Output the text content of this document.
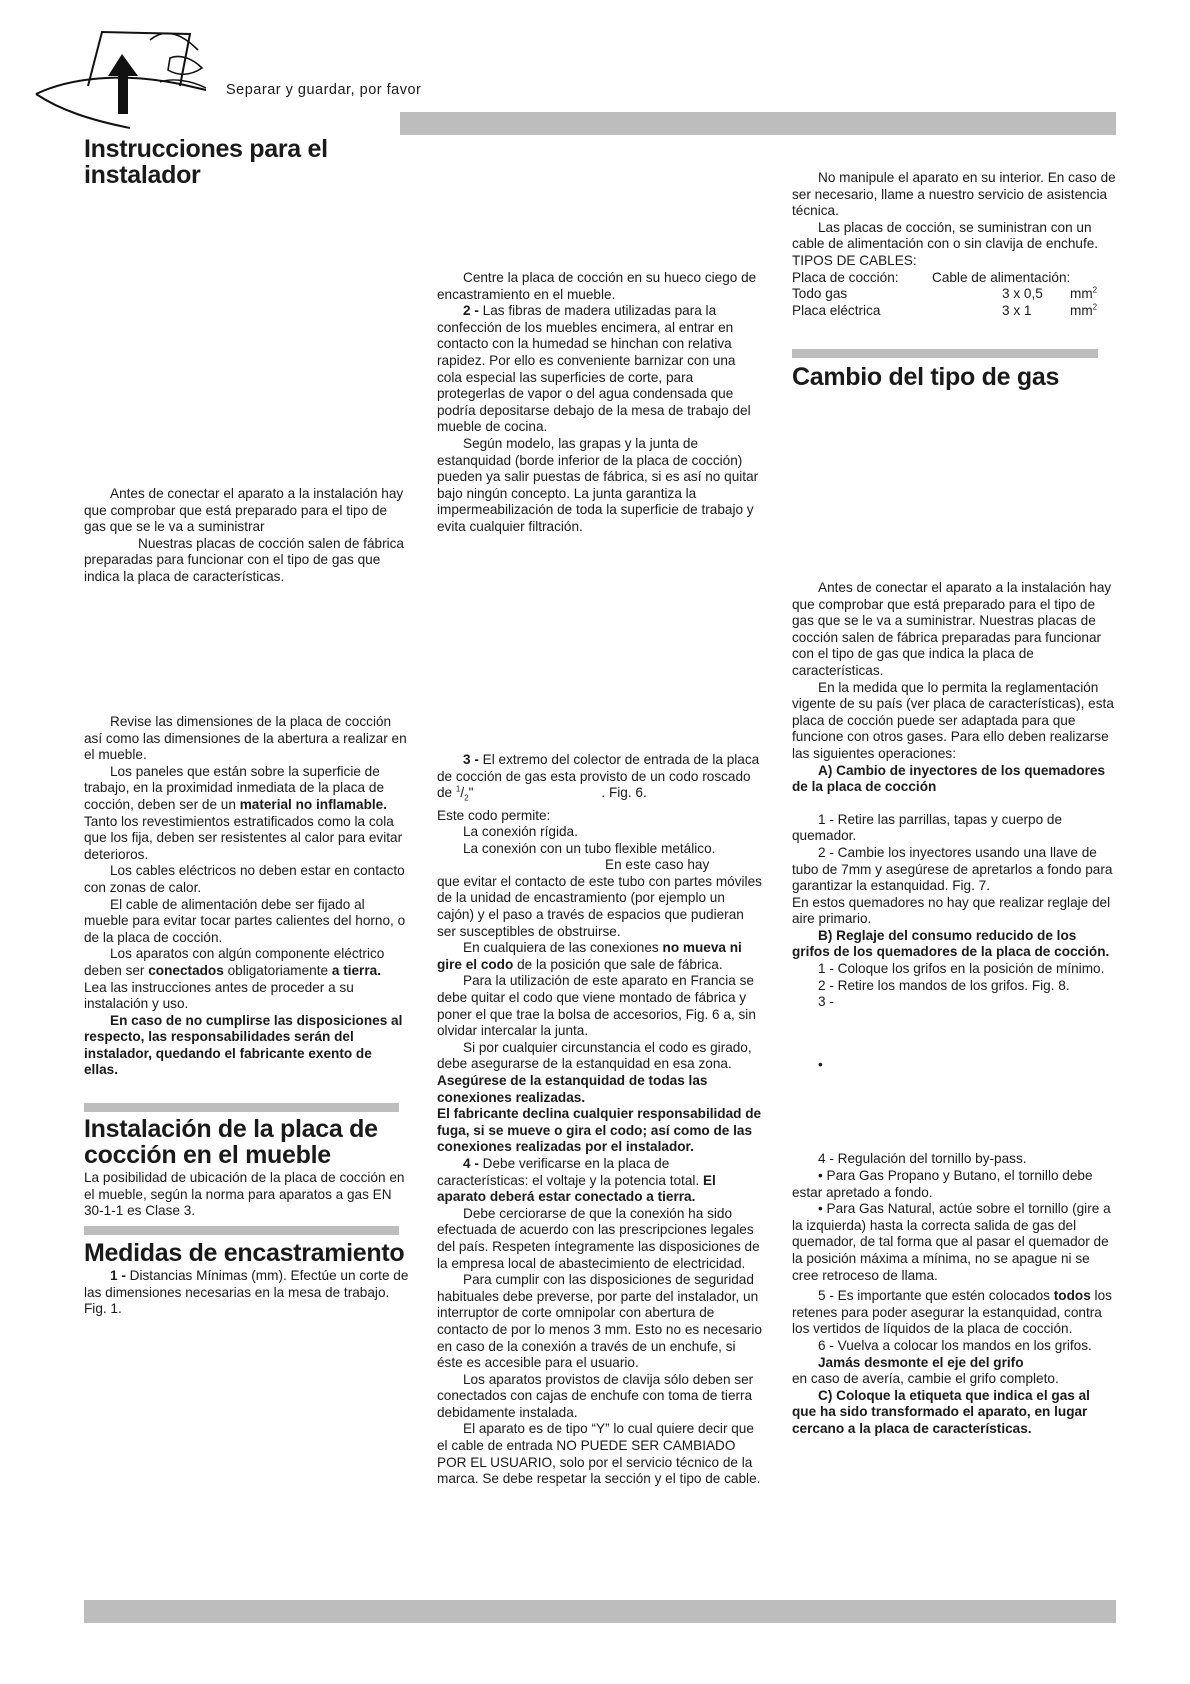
Separar y guardar, por favor
Instrucciones para el
instalador

Antes de conectar el aparato a la instalación hay que comprobar que está preparado para el tipo de gas que se le va a suministrar

Nuestras placas de cocción salen de fábrica preparadas para funcionar con el tipo de gas que indica la placa de características.

Revise las dimensiones de la placa de cocción así como las dimensiones de la abertura a realizar en el mueble.

Los paneles que están sobre la superficie de trabajo, en la proximidad inmediata de la placa de cocción, deben ser de un material no inflamable. Tanto los revestimientos estratificados como la cola que los fija, deben ser resistentes al calor para evitar deterioros.

Los cables eléctricos no deben estar en contacto con zonas de calor.

El cable de alimentación debe ser fijado al mueble para evitar tocar partes calientes del horno, o de la placa de cocción.

Los aparatos con algún componente eléctrico deben ser conectados obligatoriamente a tierra.

Lea las instrucciones antes de proceder a su instalación y uso.

En caso de no cumplirse las disposiciones al respecto, las responsabilidades serán del instalador, quedando el fabricante exento de ellas.

Instalación de la placa de cocción en el mueble

La posibilidad de ubicación de la placa de cocción en el mueble, según la norma para aparatos a gas EN 30-1-1 es Clase 3.

Medidas de encastramiento

1 - Distancias Mínimas (mm). Efectúe un corte de las dimensiones necesarias en la mesa de trabajo. Fig. 1.

Centre la placa de cocción en su hueco ciego de encastramiento en el mueble.

2 - Las fibras de madera utilizadas para la confección de los muebles encimera, al entrar en contacto con la humedad se hinchan con relativa rapidez. Por ello es conveniente barnizar con una cola especial las superficies de corte, para protegerlas de vapor o del agua condensada que podría depositarse debajo de la mesa de trabajo del mueble de cocina.

Según modelo, las grapas y la junta de estanquidad (borde inferior de la placa de cocción) pueden ya salir puestas de fábrica, si es así no quitar bajo ningún concepto. La junta garantiza la impermeabilización de toda la superficie de trabajo y evita cualquier filtración.

3 - El extremo del colector de entrada de la placa de cocción de gas esta provisto de un codo roscado de $^1/_2$"	. Fig. 6.

Este codo permite:

La conexión rígida.

La conexión con un tubo flexible metálico.

En este caso hay

que evitar el contacto de este tubo con partes móviles de la unidad de encastramiento (por ejemplo un cajón) y el paso a través de espacios que pudieran ser susceptibles de obstruirse.

En cualquiera de las conexiones no mueva ni gire el codo de la posición que sale de fábrica.

Para la utilización de este aparato en Francia se debe quitar el codo que viene montado de fábrica y poner el que trae la bolsa de accesorios, Fig. 6 a, sin olvidar intercalar la junta.

Si por cualquier circunstancia el codo es girado, debe asegurarse de la estanquidad en esa zona. Asegúrese de la estanquidad de todas las conexiones realizadas.

El fabricante declina cualquier responsabilidad de fuga, si se mueve o gira el codo; así como de las conexiones realizadas por el instalador.

4 - Debe verificarse en la placa de características: el voltaje y la potencia total. El aparato deberá estar conectado a tierra.

Debe cerciorarse de que la conexión ha sido efectuada de acuerdo con las prescripciones legales del país. Respeten íntegramente las disposiciones de la empresa local de abastecimiento de electricidad.

Para cumplir con las disposiciones de seguridad habituales debe preverse, por parte del instalador, un interruptor de corte omnipolar con abertura de contacto de por lo menos 3 mm. Esto no es necesario en caso de la conexión a través de un enchufe, si éste es accesible para el usuario.

Los aparatos provistos de clavija sólo deben ser conectados con cajas de enchufe con toma de tierra debidamente instalada.

El aparato es de tipo “Y” lo cual quiere decir que el cable de entrada NO PUEDE SER CAMBIADO POR EL USUARIO, solo por el servicio técnico de la marca. Se debe respetar la sección y el tipo de cable.

No manipule el aparato en su interior. En caso de ser necesario, llame a nuestro servicio de asistencia técnica.

Las placas de cocción, se suministran con un cable de alimentación con o sin clavija de enchufe.

TIPOS DE CABLES:

Placa de cocción:	Cable de alimentación:
Todo gas	3 x 0,5	$mm^2$
Placa eléctrica	3 x 1	$mm^2$
Cambio del tipo de gas

Antes de conectar el aparato a la instalación hay que comprobar que está preparado para el tipo de gas que se le va a suministrar. Nuestras placas de cocción salen de fábrica preparadas para funcionar con el tipo de gas que indica la placa de características.

En la medida que lo permita la reglamentación vigente de su país (ver placa de características), esta placa de cocción puede ser adaptada para que funcione con otros gases. Para ello deben realizarse las siguientes operaciones:

A) Cambio de inyectores de los quemadores de la placa de cocción

1 - Retire las parrillas, tapas y cuerpo de quemador.

2 - Cambie los inyectores usando una llave de tubo de 7mm y asegúrese de apretarlos a fondo para garantizar la estanquidad. Fig. 7.

En estos quemadores no hay que realizar reglaje del aire primario.

B) Reglaje del consumo reducido de los grifos de los quemadores de la placa de cocción.

1 - Coloque los grifos en la posición de mínimo.

2 - Retire los mandos de los grifos. Fig. 8.

3 -

•

4 - Regulación del tornillo by-pass.

• Para Gas Propano y Butano, el tornillo debe estar apretado a fondo.

• Para Gas Natural, actúe sobre el tornillo (gire a la izquierda) hasta la correcta salida de gas del quemador, de tal forma que al pasar el quemador de la posición máxima a mínima, no se apague ni se cree retroceso de llama.

5 - Es importante que estén colocados todos los retenes para poder asegurar la estanquidad, contra los vertidos de líquidos de la placa de cocción.

6 - Vuelva a colocar los mandos en los grifos.

Jamás desmonte el eje del grifo

en caso de avería, cambie el grifo completo.

C) Coloque la etiqueta que indica el gas al que ha sido transformado el aparato, en lugar cercano a la placa de características.
